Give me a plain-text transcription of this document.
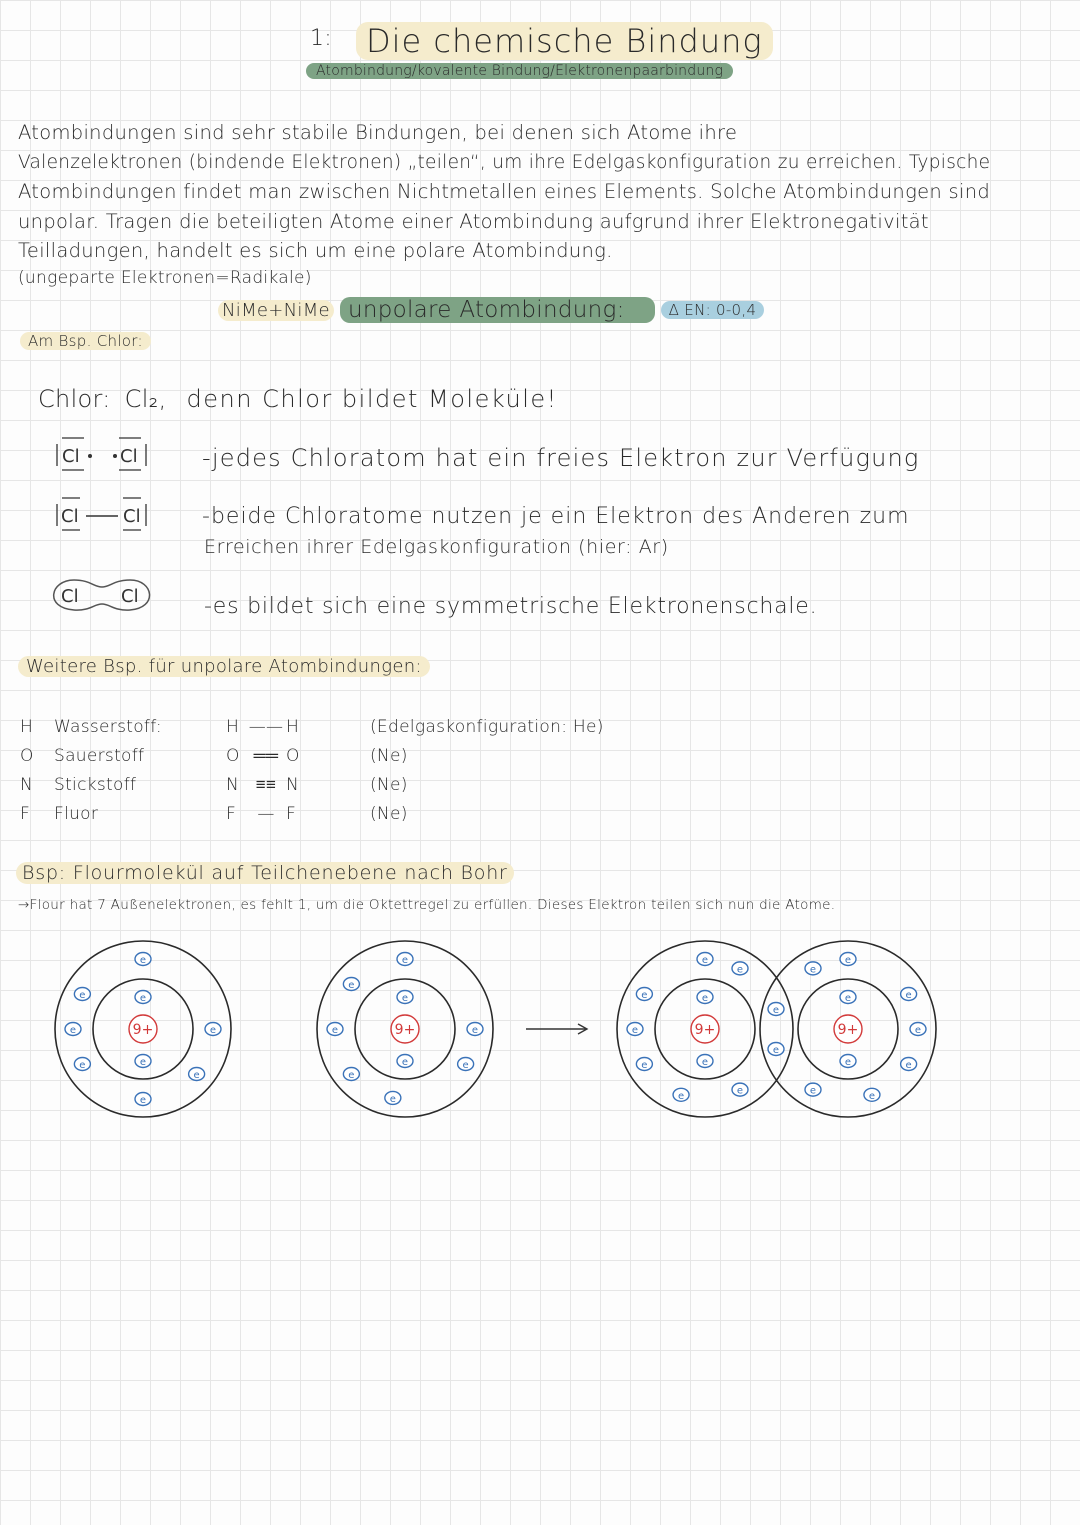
1:	Die chemische Bindung
Atombindung/kovalente Bindung/Elektronenpaarbindung
Atombindungen sind sehr stabile Bindungen, bei denen sich Atome ihre
Valenzelektronen (bindende Elektronen) „teilen“, um ihre Edelgaskonfiguration zu erreichen. Typische
Atombindungen findet man zwischen Nichtmetallen eines Elements. Solche Atombindungen sind
unpolar. Tragen die beteiligten Atome einer Atombindung aufgrund ihrer Elektronegativität
Teilladungen, handelt es sich um eine polare Atombindung.
(ungeparte Elektronen=Radikale)
NiMe+NiMe unpolare Atombindung:	Δ EN: 0-0,4
Am Bsp. Chlor:
Chlor: Cl₂, denn Chlor bildet Moleküle!
Cl Cl
Cl Cl
Cl Cl
-jedes Chloratom hat ein freies Elektron zur Verfügung
-beide Chloratome nutzen je ein Elektron des Anderen zum
Erreichen ihrer Edelgaskonfiguration (hier: Ar)
-es bildet sich eine symmetrische Elektronenschale.
Weitere Bsp. für unpolare Atombindungen:
H	Wasserstoff:	H —— H	(Edelgaskonfiguration: He)
O	Sauerstoff	O ══ O	(Ne)
N	Stickstoff	N ≡≡ N	(Ne)
F	Fluor	F	— F	(Ne)
Bsp: Flourmolekül auf Teilchenebene nach Bohr
→Flour hat 7 Außenelektronen, es fehlt 1, um die Oktettregel zu erfüllen. Dieses Elektron teilen sich nun die Atome.
9+
e
e
e
e
e
e
e
e
e	9+
e
e
e
e
e
e
e
e
e	9+
e
e
e
e
e
e
e
e	e
9+
e
e
e
e
e
e
e
e
e
e
e
